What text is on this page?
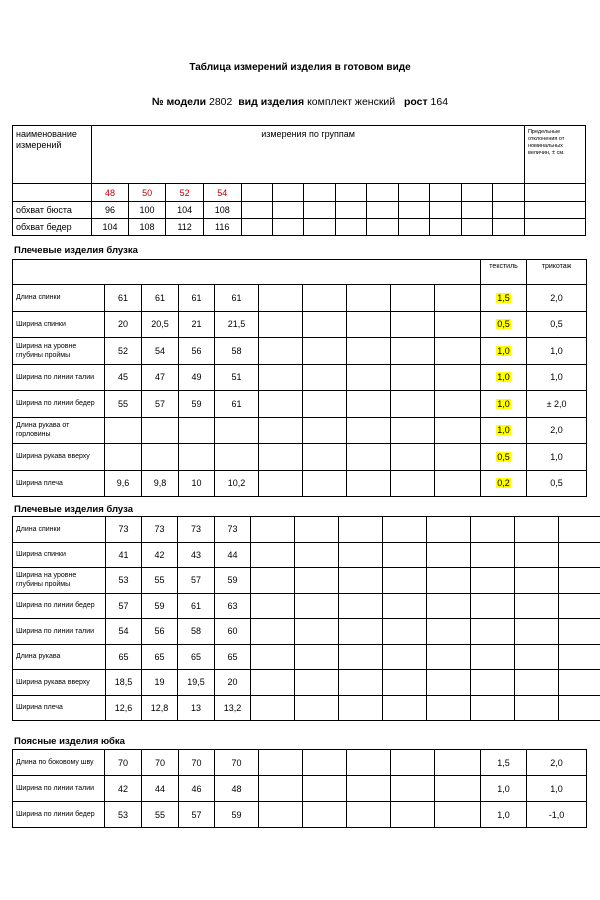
Таблица измерений изделия в готовом виде
№ модели 2802 вид изделия комплект женский рост 164
наименование измерений	измерения по группам													Предельные отклонения от номинальных величин, ± см.
	48	50	52	54										
обхват бюста	96	100	104	108										
обхват бедер	104	108	112	116										
Плечевые изделия блузка
										текстиль	трикотаж
Длина спинки	61	61	61	61						1,5	2,0
Ширина спинки	20	20,5	21	21,5						0,5	0,5
Ширина на уровне глубины проймы	52	54	56	58						1,0	1,0
Ширина по линии талии	45	47	49	51						1,0	1,0
Ширина по линии бедер	55	57	59	61						1,0	± 2,0
Длина рукава от горловины										1,0	2,0
Ширина рукава вверху										0,5	1,0
Ширина плеча	9,6	9,8	10	10,2						0,2	0,5
Плечевые изделия блуза
Длина спинки	73	73	73	73								
Ширина спинки	41	42	43	44								
Ширина на уровне глубины проймы	53	55	57	59								
Ширина по линии бедер	57	59	61	63								
Ширина по линии талии	54	56	58	60								
Длина рукава	65	65	65	65								
Ширина рукава вверху	18,5	19	19,5	20								
Ширина плеча	12,6	12,8	13	13,2								
Поясные изделия юбка
Длина по боковому шву	70	70	70	70						1,5	2,0
Ширина по линии талии	42	44	46	48						1,0	1,0
Ширина по линии бедер	53	55	57	59						1,0	-1,0
